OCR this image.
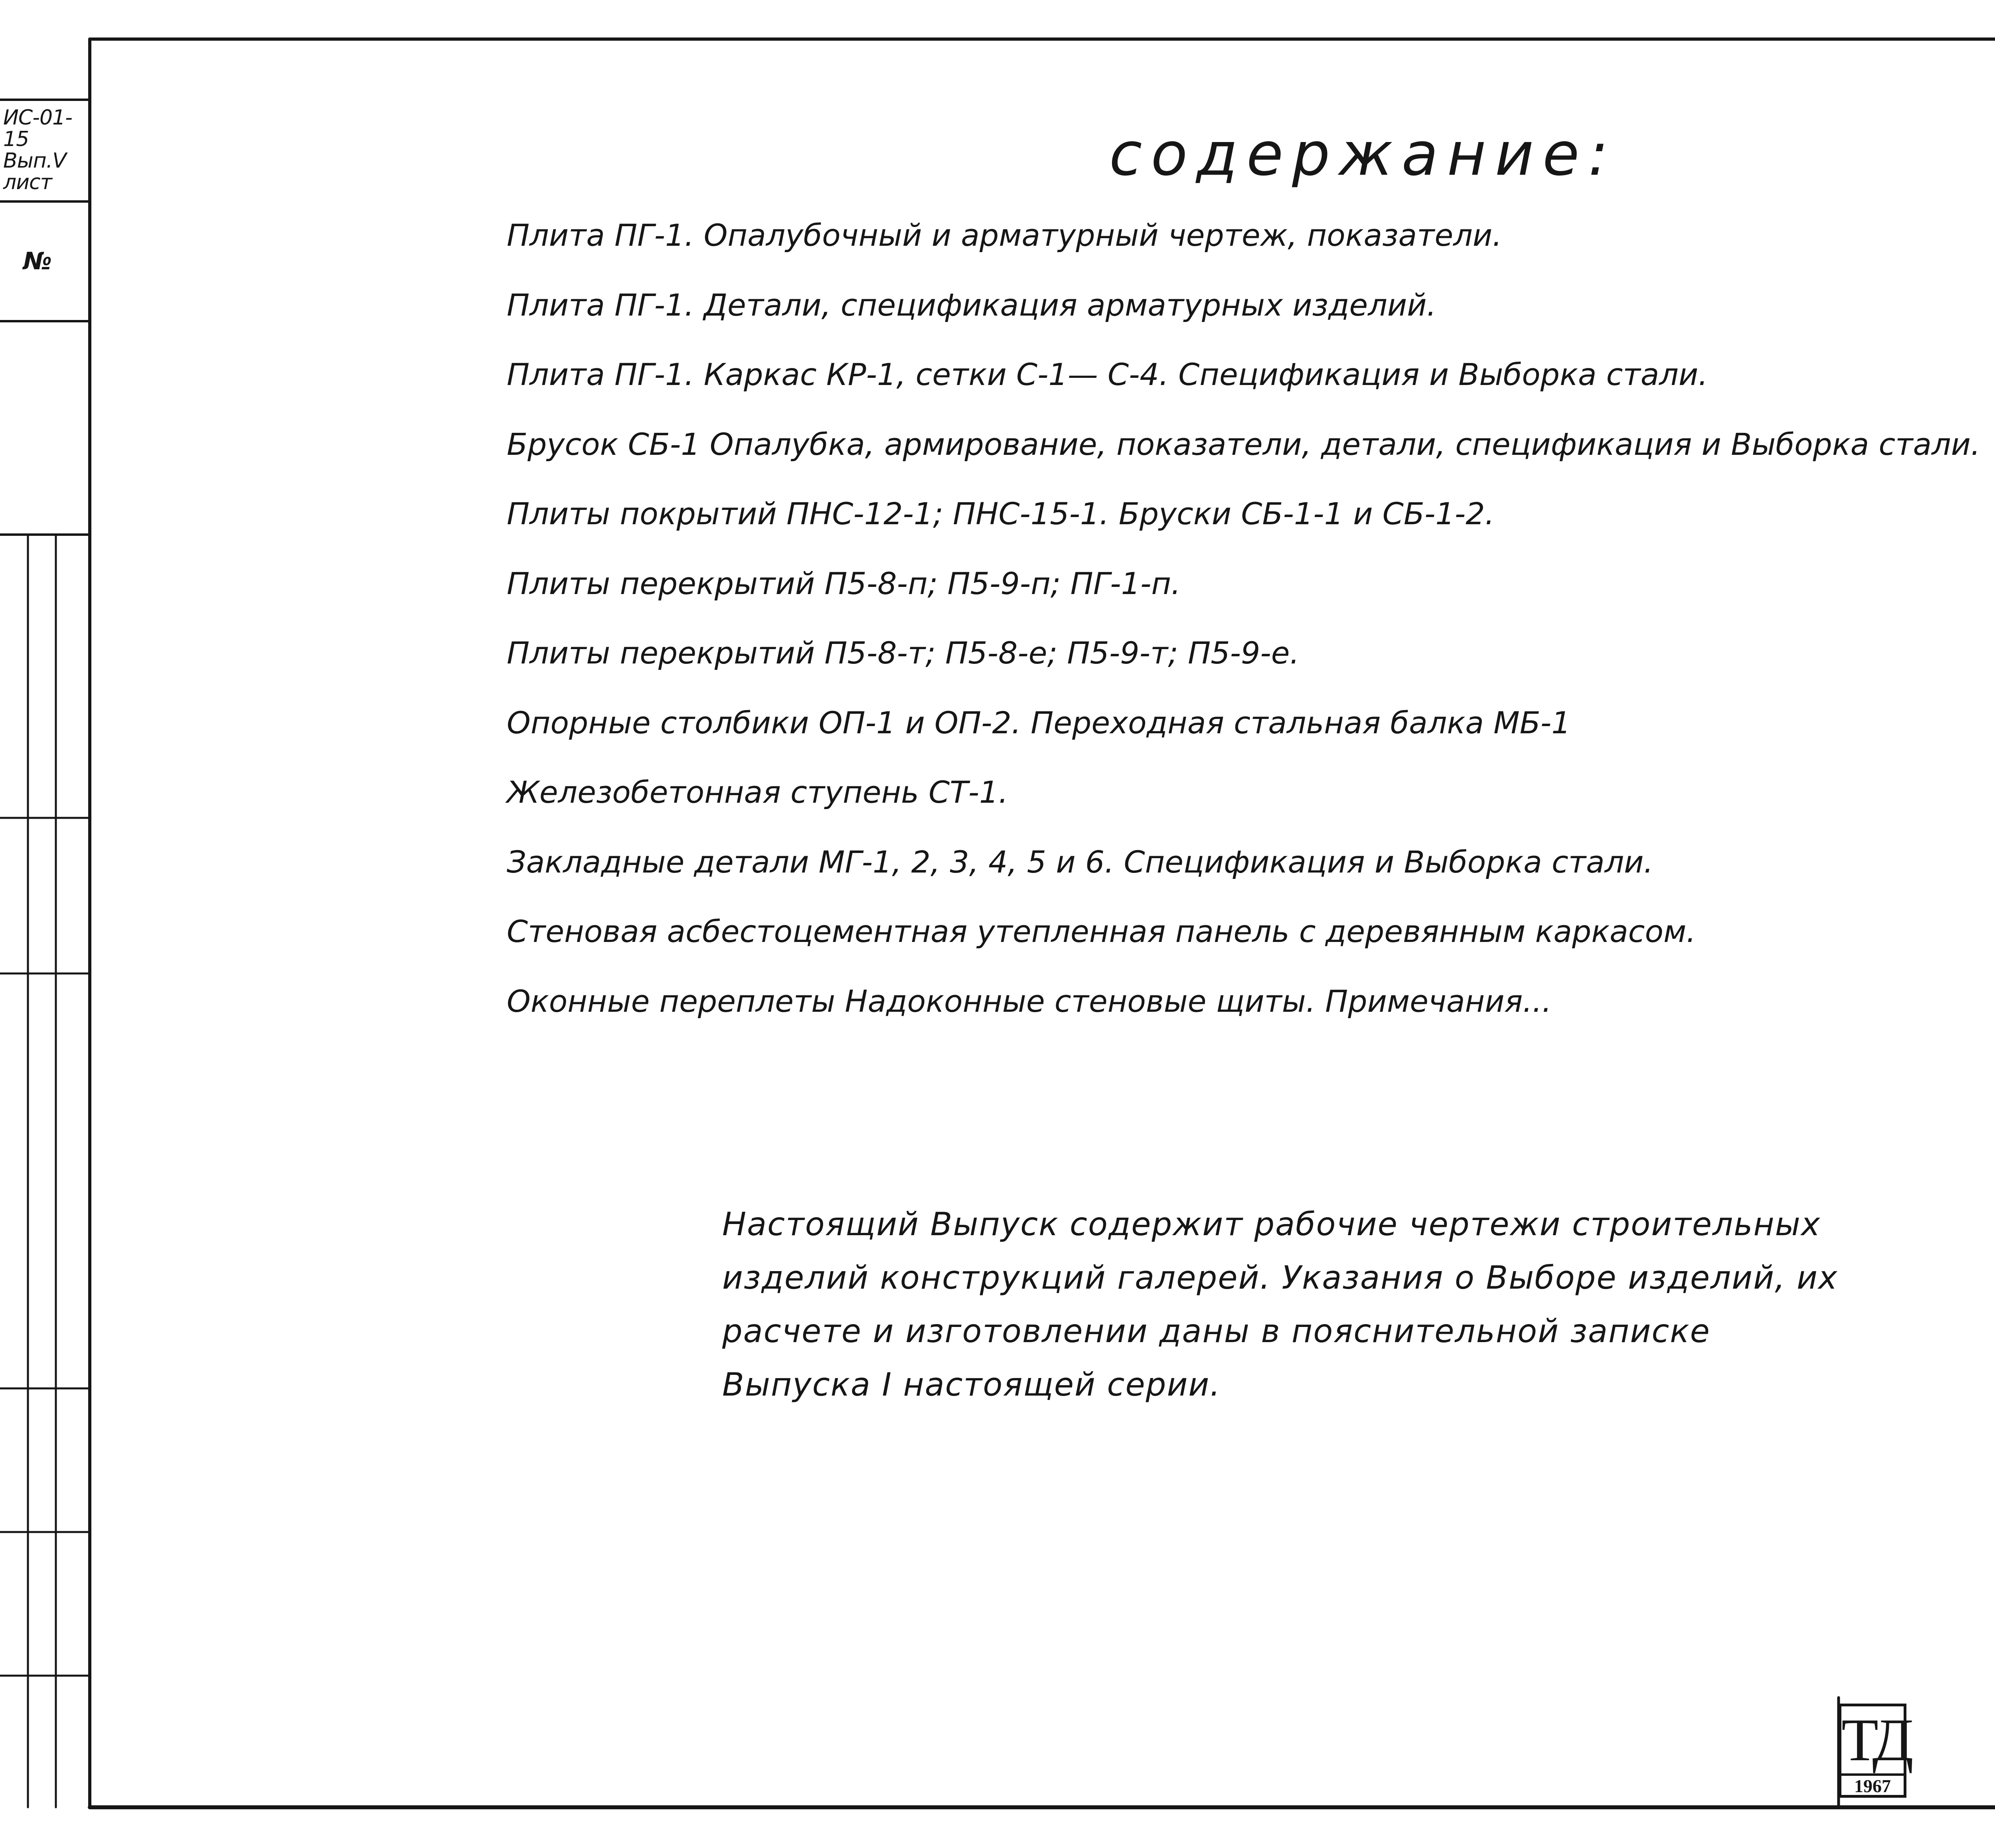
содержание:
Плита ПГ-1. Опалубочный и арматурный чертеж, показатели.
Плита ПГ-1. Детали, спецификация арматурных изделий.
Плита ПГ-1. Каркас КР-1, сетки С-1— С-4. Спецификация и Выборка стали.
Брусок СБ-1 Опалубка, армирование, показатели, детали, спецификация и Выборка стали.
Плиты покрытий ПНС-12-1; ПНС-15-1. Бруски СБ-1-1 и СБ-1-2.
Плиты перекрытий П5-8-п; П5-9-п; ПГ-1-п.
Плиты перекрытий П5-8-т; П5-8-е; П5-9-т; П5-9-е.
Опорные столбики ОП-1 и ОП-2. Переходная стальная балка МБ-1
Железобетонная ступень СТ-1.
Закладные детали МГ-1, 2, 3, 4, 5 и 6. Спецификация и Выборка стали.
Стеновая асбестоцементная утепленная панель с деревянным каркасом.
Оконные переплеты Надоконные стеновые щиты. Примечания...
Настоящий Выпуск содержит рабочие чертежи строительных
изделий конструкций галерей. Указания о Выборе изделий, их
расчете и изготовлении даны в пояснительной записке
Выпуска I настоящей серии.
ТД
1967
ИС-01-15
Вып.V
лист
№
